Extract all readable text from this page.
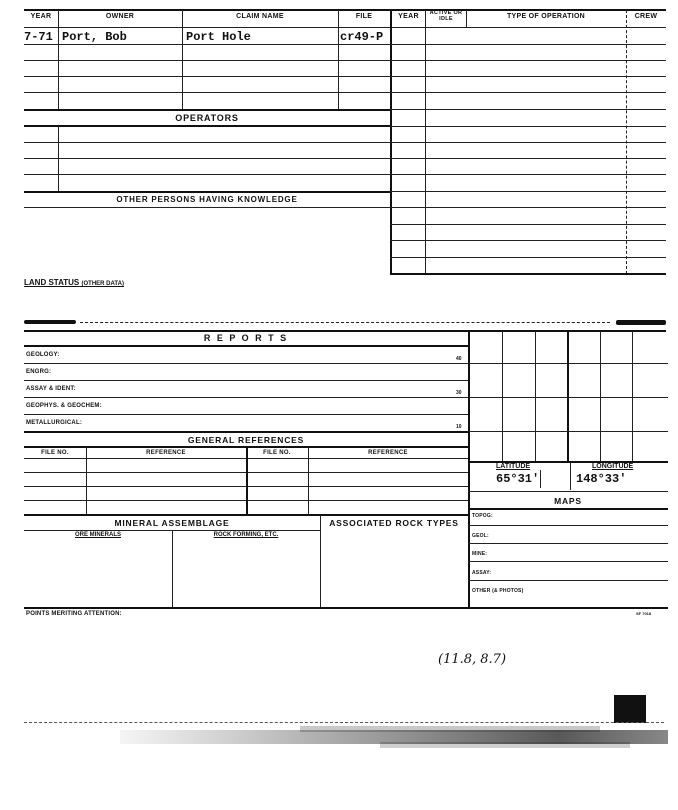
YEAR	OWNER	CLAIM NAME	FILE
7-71 Port, Bob	Port Hole	cr49-P
OPERATORS
OTHER PERSONS HAVING KNOWLEDGE
YEAR	ACTIVE OR IDLE	TYPE OF OPERATION	CREW
LAND STATUS (OTHER DATA)
R E P O R T S
GEOLOGY:
40
ENGRG:
ASSAY & IDENT:
30
GEOPHYS. & GEOCHEM:
METALLURGICAL:
10
GENERAL REFERENCES
FILE NO.	REFERENCE	FILE NO.	REFERENCE
MINERAL ASSEMBLAGE
ORE MINERALS	ROCK FORMING, ETC.
ASSOCIATED ROCK TYPES
LATITUDE	LONGITUDE
65°31'	148°33'
MAPS
TOPOG:
GEOL:
MINE:
ASSAY:
OTHER (& PHOTOS)
POINTS MERITING ATTENTION:	SF 7018
(11.8, 8.7)
